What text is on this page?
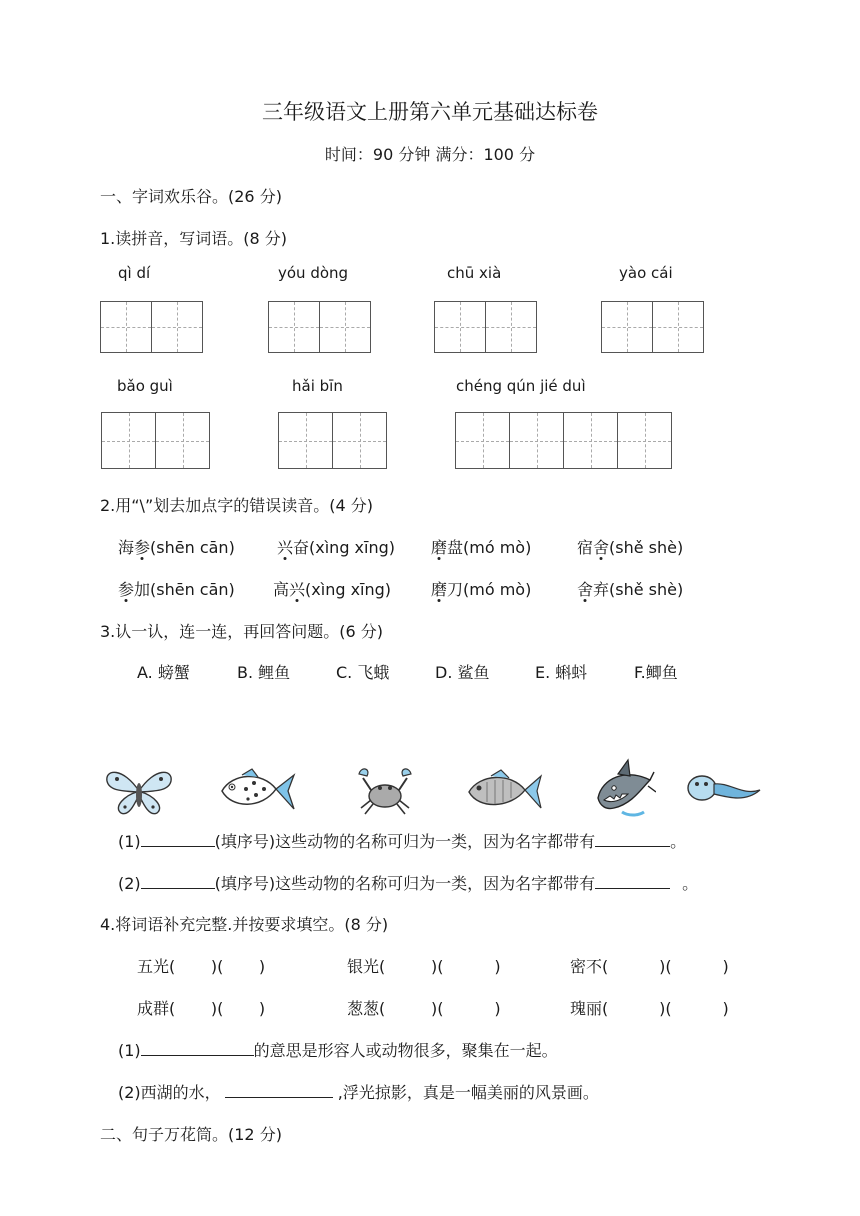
三年级语文上册第六单元基础达标卷
时间：90 分钟 满分：100 分
一、字词欢乐谷。(26 分)
1.读拼音，写词语。(8 分)
qì dí	yóu dòng	chū xià	yào cái
bǎo guì	hǎi bīn	chéng qún jié duì
2.用“\”划去加点字的错误读音。(4 分)
海参(shēn cān)	兴奋(xìng xīng) 磨盘(mó mò)	宿舍(shě shè)
参加(shēn cān) 高兴(xìng xīng) 磨刀(mó mò)	舍弃(shě shè)
3.认一认，连一连，再回答问题。(6 分)
A. 螃蟹	B. 鲤鱼	C. 飞蛾	D. 鲨鱼	E. 蝌蚪	F.鲫鱼
(1)	(填序号)这些动物的名称可归为一类，因为名字都带有	。
(2)	(填序号)这些动物的名称可归为一类，因为名字都带有	。
4.将词语补充完整.并按要求填空。(8 分)
五光(       )(       )	银光(         )(          )	密不(          )(          )
成群(       )(       )	葱葱(         )(          )	瑰丽(          )(          )
(1)	的意思是形容人或动物很多，聚集在一起。
(2)西湖的水，	,浮光掠影，真是一幅美丽的风景画。
二、句子万花筒。(12 分)
